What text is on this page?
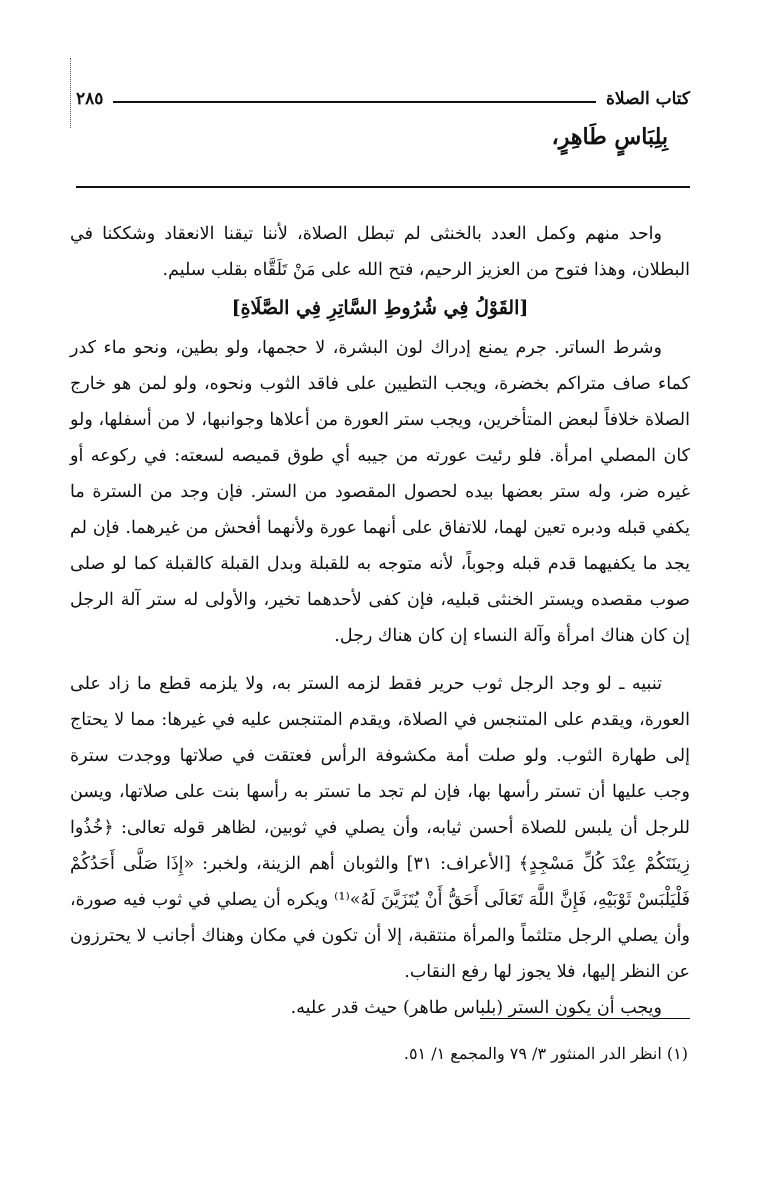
كتاب الصلاة
٢٨٥
بِلِبَاسٍ طَاهِرٍ،

واحد منهم وكمل العدد بالخنثى لم تبطل الصلاة، لأننا تيقنا الانعقاد وشككنا في البطلان، وهذا فتوح من العزيز الرحيم، فتح الله على مَنْ تَلَقَّاه بقلب سليم.

[القَوْلُ فِي شُرُوطِ السَّاتِرِ فِي الصَّلَاةِ]

وشرط الساتر. جرم يمنع إدراك لون البشرة، لا حجمها، ولو بطين، ونحو ماء كدر كماء صاف متراكم بخضرة، ويجب التطيين على فاقد الثوب ونحوه، ولو لمن هو خارج الصلاة خلافاً لبعض المتأخرين، ويجب ستر العورة من أعلاها وجوانبها، لا من أسفلها، ولو كان المصلي امرأة. فلو رئيت عورته من جيبه أي طوق قميصه لسعته: في ركوعه أو غيره ضر، وله ستر بعضها بيده لحصول المقصود من الستر. فإن وجد من السترة ما يكفي قبله ودبره تعين لهما، للاتفاق على أنهما عورة ولأنهما أفحش من غيرهما. فإن لم يجد ما يكفيهما قدم قبله وجوباً، لأنه متوجه به للقبلة وبدل القبلة كالقبلة كما لو صلى صوب مقصده ويستر الخنثى قبليه، فإن كفى لأحدهما تخير، والأولى له ستر آلة الرجل إن كان هناك امرأة وآلة النساء إن كان هناك رجل.

تنبيه ـ لو وجد الرجل ثوب حرير فقط لزمه الستر به، ولا يلزمه قطع ما زاد على العورة، ويقدم على المتنجس في الصلاة، ويقدم المتنجس عليه في غيرها: مما لا يحتاج إلى طهارة الثوب. ولو صلت أمة مكشوفة الرأس فعتقت في صلاتها ووجدت سترة وجب عليها أن تستر رأسها بها، فإن لم تجد ما تستر به رأسها بنت على صلاتها، ويسن للرجل أن يلبس للصلاة أحسن ثيابه، وأن يصلي في ثوبين، لظاهر قوله تعالى: ﴿خُذُوا زِينَتَكُمْ عِنْدَ كُلِّ مَسْجِدٍ﴾ [الأعراف: ٣١] والثوبان أهم الزينة، ولخبر: «إِذَا صَلَّى أَحَدُكُمْ فَلْيَلْبَسْ ثَوْبَيْهِ، فَإِنَّ اللَّهَ تَعَالَى أَحَقُّ أَنْ يُتَزَيَّنَ لَهُ»⁽¹⁾ ويكره أن يصلي في ثوب فيه صورة، وأن يصلي الرجل متلثماً والمرأة منتقبة، إلا أن تكون في مكان وهناك أجانب لا يحترزون عن النظر إليها، فلا يجوز لها رفع النقاب.

ويجب أن يكون الستر (بلباس طاهر) حيث قدر عليه.

(١) انظر الدر المنثور ٣/ ٧٩ والمجمع ١/ ٥١.
